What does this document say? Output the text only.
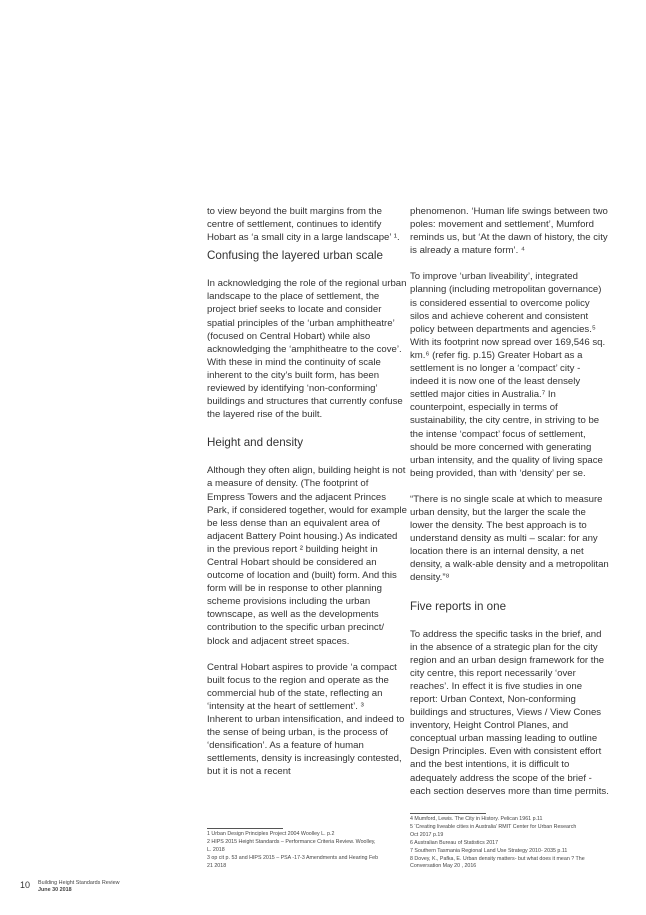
to view beyond the built margins from the centre of settlement, continues to identify Hobart as ‘a small city in a large landscape’ ¹.

Confusing the layered urban scale

In acknowledging the role of the regional urban landscape to the place of settlement, the project brief seeks to locate and consider spatial principles of the ‘urban amphitheatre’ (focused on Central Hobart) while also acknowledging the ‘amphitheatre to the cove’. With these in mind the continuity of scale inherent to the city’s built form, has been reviewed by identifying ‘non-conforming’ buildings and structures that currently confuse the layered rise of the built.

Height and density

Although they often align, building height is not a measure of density. (The footprint of Empress Towers and the adjacent Princes Park, if considered together, would for example be less dense than an equivalent area of adjacent Battery Point housing.) As indicated in the previous report ² building height in Central Hobart should be considered an outcome of location and (built) form. And this form will be in response to other planning scheme provisions including the urban townscape, as well as the developments contribution to the specific urban precinct/ block and adjacent street spaces.

Central Hobart aspires to provide ‘a compact built focus to the region and operate as the commercial hub of the state, reflecting an ‘intensity at the heart of settlement’. ³

Inherent to urban intensification, and indeed to the sense of being urban, is the process of ‘densification’. As a feature of human settlements, density is increasingly contested, but it is not a recent

phenomenon. ‘Human life swings between two poles: movement and settlement’, Mumford reminds us, but ‘At the dawn of history, the city is already a mature form’. ⁴

To improve ‘urban liveability’, integrated planning (including metropolitan governance) is considered essential to overcome policy silos and achieve coherent and consistent policy between departments and agencies.⁵ With its footprint now spread over 169,546 sq. km.⁶ (refer fig. p.15) Greater Hobart as a settlement is no longer a ‘compact’ city - indeed it is now one of the least densely settled major cities in Australia.⁷ In counterpoint, especially in terms of sustainability, the city centre, in striving to be the intense ‘compact’ focus of settlement, should be more concerned with generating urban intensity, and the quality of living space being provided, than with ‘density’ per se.

“There is no single scale at which to measure urban density, but the larger the scale the lower the density. The best approach is to understand density as multi – scalar: for any location there is an internal density, a net density, a walk-able density and a metropolitan density.”⁸

Five reports in one

To address the specific tasks in the brief, and in the absence of a strategic plan for the city region and an urban design framework for the city centre, this report necessarily ‘over reaches’. In effect it is five studies in one report: Urban Context, Non-conforming buildings and structures, Views / View Cones inventory, Height Control Planes, and conceptual urban massing leading to outline Design Principles. Even with consistent effort and the best intentions, it is difficult to adequately address the scope of the brief - each section deserves more than time permits.

1 Urban Design Principles Project 2004 Woolley L. p.2
2 HIPS 2015 Height Standards – Performance Criteria Review. Woolley,
L. 2018
3 op cit p. 53 and HIPS 2015 – PSA -17-3 Amendments and Hearing Feb
21 2018
4 Mumford, Lewis. The City in History. Pelican 1961 p.11
5 ‘Creating liveable cities in Australia’ RMIT Center for Urban Research
Oct 2017 p.19
6 Australian Bureau of Statistics 2017
7 Southern Tasmania Regional Land Use Strategy 2010- 2035 p.11
8 Dovey, K., Pafka, E. Urban density matters- but what does it mean ? The
Conversation May 20 , 2016
10 Building Height Standards Review
June 30 2018
